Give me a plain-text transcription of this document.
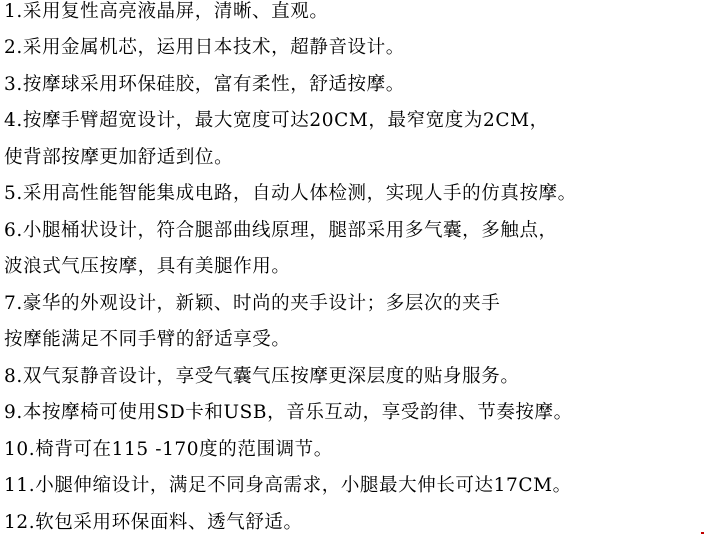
1.采用复性高亮液晶屏，清晰、直观。
2.采用金属机芯，运用日本技术，超静音设计。
3.按摩球采用环保硅胶，富有柔性，舒适按摩。
4.按摩手臂超宽设计，最大宽度可达20CM，最窄宽度为2CM，
使背部按摩更加舒适到位。
5.采用高性能智能集成电路，自动人体检测，实现人手的仿真按摩。
6.小腿桶状设计，符合腿部曲线原理，腿部采用多气囊，多触点，
波浪式气压按摩，具有美腿作用。
7.豪华的外观设计，新颖、时尚的夹手设计；多层次的夹手
按摩能满足不同手臂的舒适享受。
8.双气泵静音设计，享受气囊气压按摩更深层度的贴身服务。
9.本按摩椅可使用SD卡和USB，音乐互动，享受韵律、节奏按摩。
10.椅背可在115 -170度的范围调节。
11.小腿伸缩设计，满足不同身高需求，小腿最大伸长可达17CM。
12.软包采用环保面料、透气舒适。
